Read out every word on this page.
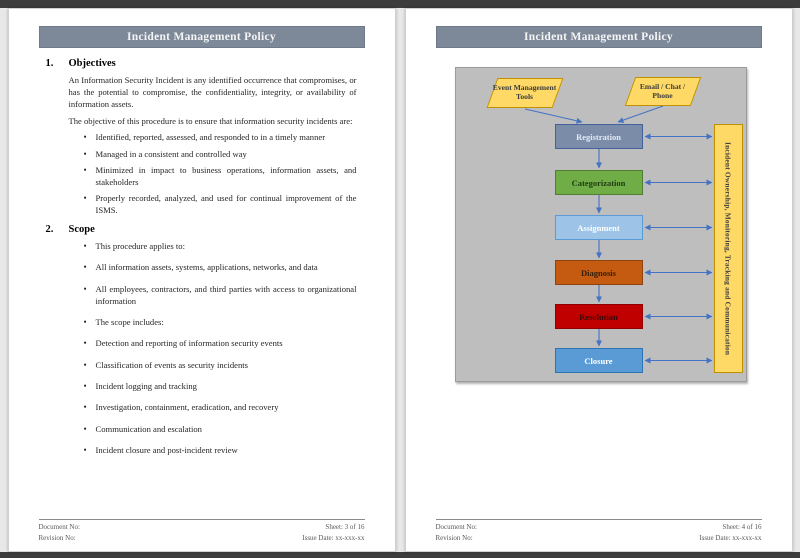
Incident Management Policy
1.	Objectives

An Information Security Incident is any identified occurrence that compromises, or has the potential to compromise, the confidentiality, integrity, or availability of information assets.

The objective of this procedure is to ensure that information security incidents are:

• Identified, reported, assessed, and responded to in a timely manner
• Managed in a consistent and controlled way
• Minimized in impact to business operations, information assets, and stakeholders
• Properly recorded, analyzed, and used for continual improvement of the ISMS.
2.	Scope
• This procedure applies to:
• All information assets, systems, applications, networks, and data
• All employees, contractors, and third parties with access to organizational information
• The scope includes:
• Detection and reporting of information security events
• Classification of events as security incidents
• Incident logging and tracking
• Investigation, containment, eradication, and recovery
• Communication and escalation
• Incident closure and post-incident review
Document No:
Revision No:
Sheet: 3 of 16
Issue Date: xx-xxx-xx
Incident Management Policy
Event Management Tools
Email / Chat / Phone
Registration
Categorization
Assignment
Diagnosis
Resolution
Closure
Incident Ownership, Monitoring, Tracking and Communication
Document No:
Revision No:
Sheet: 4 of 16
Issue Date: xx-xxx-xx
